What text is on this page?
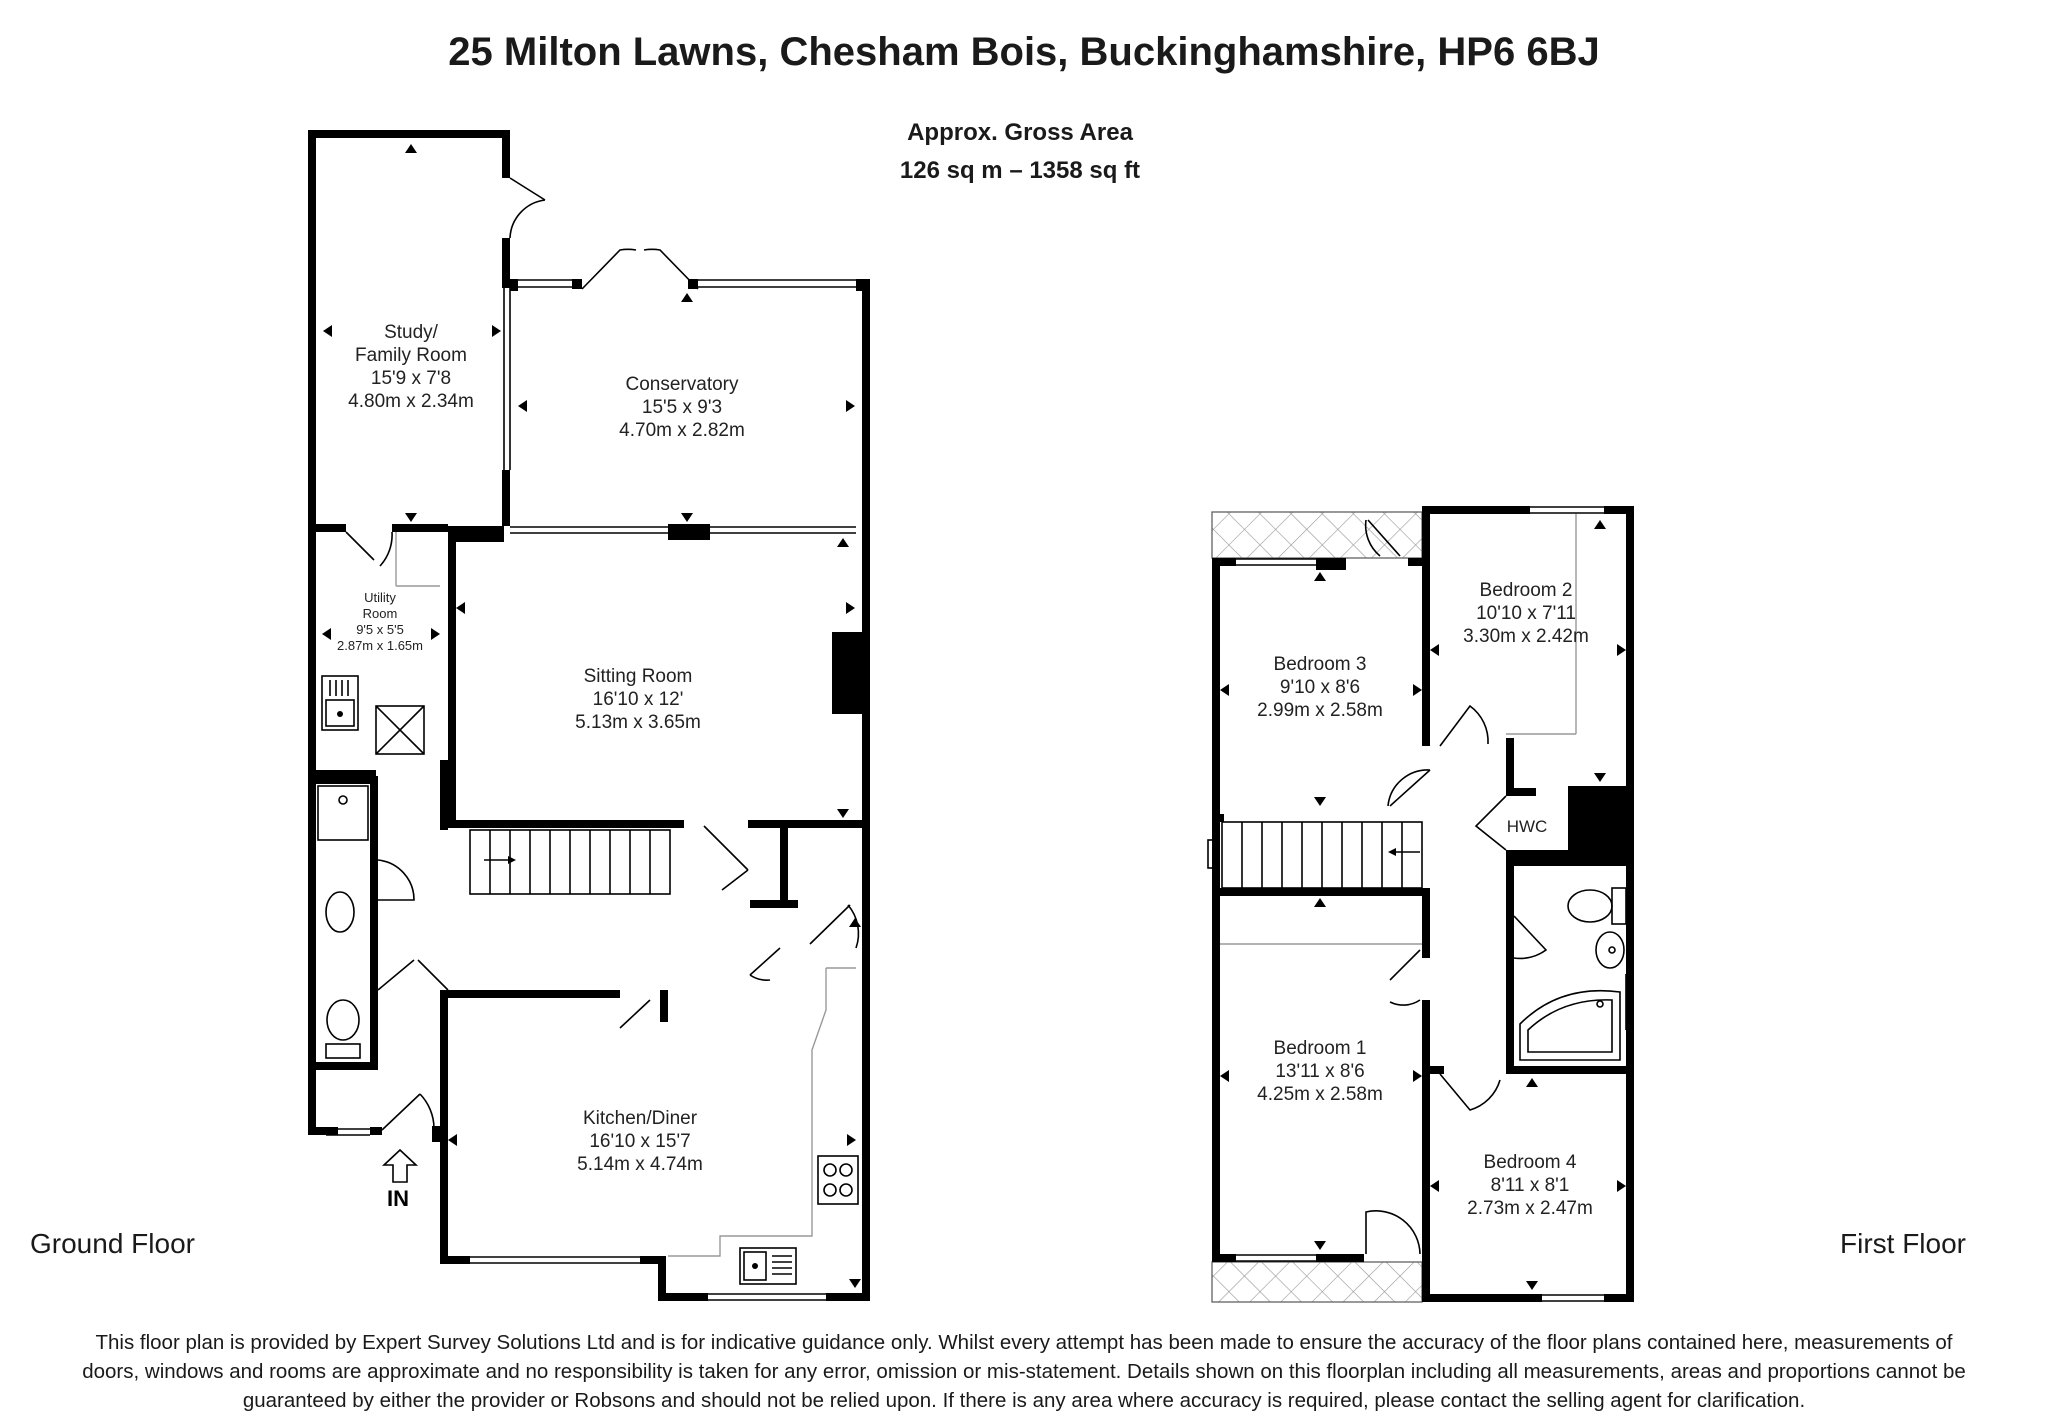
25 Milton Lawns, Chesham Bois, Buckinghamshire, HP6 6BJ
Approx. Gross Area
126 sq m – 1358 sq ft
Study/
Family Room
15'9 x 7'8
4.80m x 2.34m
Conservatory
15'5 x 9'3
4.70m x 2.82m
Utility
Room
9'5 x 5'5
2.87m x 1.65m
Sitting Room
16'10 x 12'
5.13m x 3.65m
Kitchen/Diner
16'10 x 15'7
5.14m x 4.74m
Bedroom 2
10'10 x 7'11
3.30m x 2.42m
Bedroom 3
9'10 x 8'6
2.99m x 2.58m
Bedroom 1
13'11 x 8'6
4.25m x 2.58m
Bedroom 4
8'11 x 8'1
2.73m x 2.47m
HWC
IN
Ground Floor	First Floor
This floor plan is provided by Expert Survey Solutions Ltd and is for indicative guidance only. Whilst every attempt has been made to ensure the accuracy of the floor plans contained here, measurements of
doors, windows and rooms are approximate and no responsibility is taken for any error, omission or mis-statement. Details shown on this floorplan including all measurements, areas and proportions cannot be
guaranteed by either the provider or Robsons and should not be relied upon. If there is any area where accuracy is required, please contact the selling agent for clarification.
